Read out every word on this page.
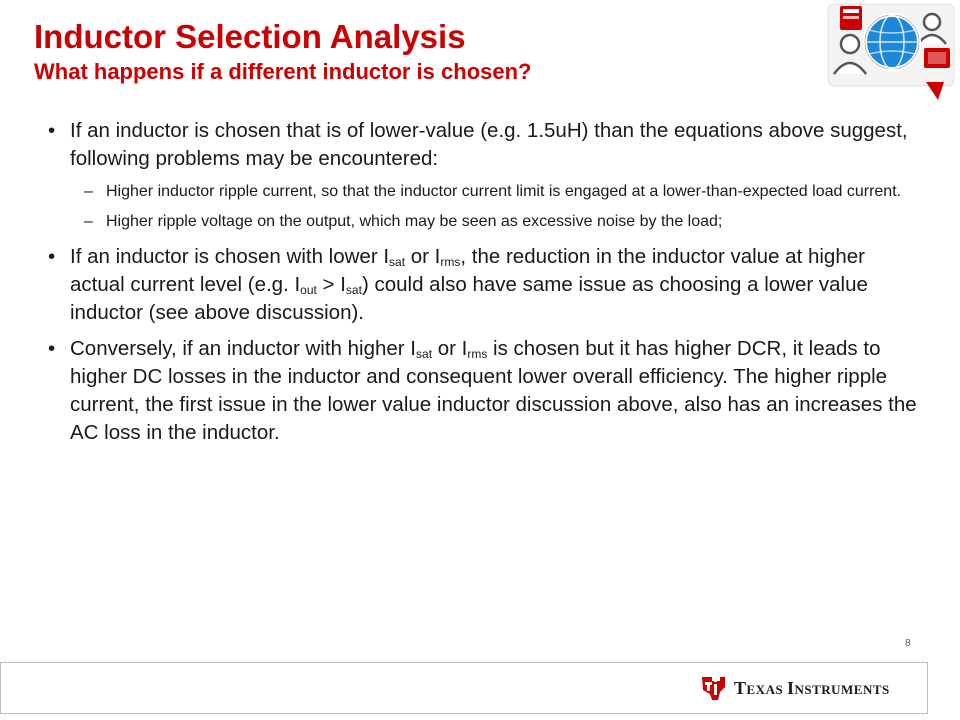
Inductor Selection Analysis
What happens if a different inductor is chosen?
• If an inductor is chosen that is of lower-value (e.g. 1.5uH) than the equations above suggest, following problems may be encountered:
– Higher inductor ripple current, so that the inductor current limit is engaged at a lower-than-expected load current.
– Higher ripple voltage on the output, which may be seen as excessive noise by the load;
• If an inductor is chosen with lower $I_{sat}$ or $I_{rms}$, the reduction in the inductor value at higher actual current level (e.g. $I_{out} > I_{sat}$) could also have same issue as choosing a lower value inductor (see above discussion).
• Conversely, if an inductor with higher $I_{sat}$ or $I_{rms}$ is chosen but it has higher DCR, it leads to higher DC losses in the inductor and consequent lower overall efficiency. The higher ripple current, the first issue in the lower value inductor discussion above, also has an increases the AC loss in the inductor.
8
TEXAS INSTRUMENTS
